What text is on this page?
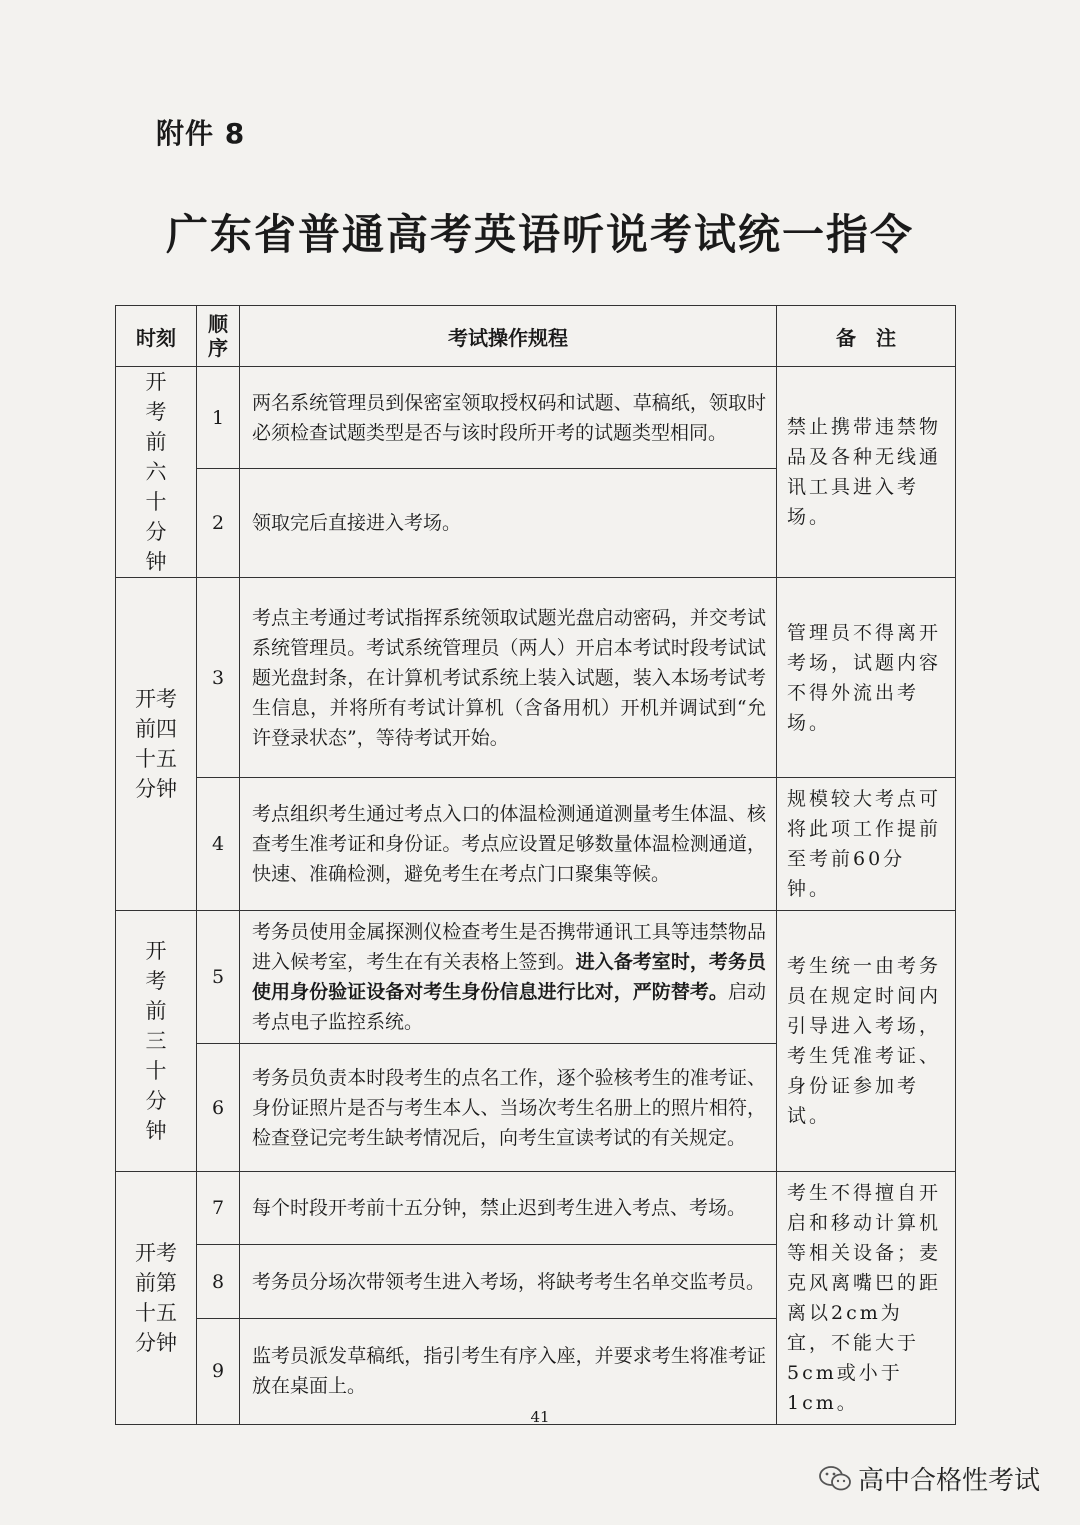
附件 8
广东省普通高考英语听说考试统一指令
时刻	顺序	考试操作规程	备　注
开考前六十分钟	1	两名系统管理员到保密室领取授权码和试题、草稿纸，领取时必须检查试题类型是否与该时段所开考的试题类型相同。	禁止携带违禁物品及各种无线通讯工具进入考场。
	2	领取完后直接进入考场。	
开考前四十五分钟	3	考点主考通过考试指挥系统领取试题光盘启动密码，并交考试系统管理员。考试系统管理员（两人）开启本考试时段考试试题光盘封条，在计算机考试系统上装入试题，装入本场考试考生信息，并将所有考试计算机（含备用机）开机并调试到“允许登录状态”，等待考试开始。	管理员不得离开考场，试题内容不得外流出考场。
	4	考点组织考生通过考点入口的体温检测通道测量考生体温、核查考生准考证和身份证。考点应设置足够数量体温检测通道，快速、准确检测，避免考生在考点门口聚集等候。	规模较大考点可将此项工作提前至考前60分钟。
开考前三十分钟	5	考务员使用金属探测仪检查考生是否携带通讯工具等违禁物品进入候考室，考生在有关表格上签到。进入备考室时，考务员使用身份验证设备对考生身份信息进行比对，严防替考。启动考点电子监控系统。	考生统一由考务员在规定时间内引导进入考场，考生凭准考证、身份证参加考试。
	6	考务员负责本时段考生的点名工作，逐个验核考生的准考证、身份证照片是否与考生本人、当场次考生名册上的照片相符，检查登记完考生缺考情况后，向考生宣读考试的有关规定。	
开考前第十五分钟	7	每个时段开考前十五分钟，禁止迟到考生进入考点、考场。	考生不得擅自开启和移动计算机等相关设备；麦克风离嘴巴的距离以2cm为宜，不能大于5cm或小于1cm。
	8	考务员分场次带领考生进入考场，将缺考考生名单交监考员。	
	9	监考员派发草稿纸，指引考生有序入座，并要求考生将准考证放在桌面上。	
41
高中合格性考试
